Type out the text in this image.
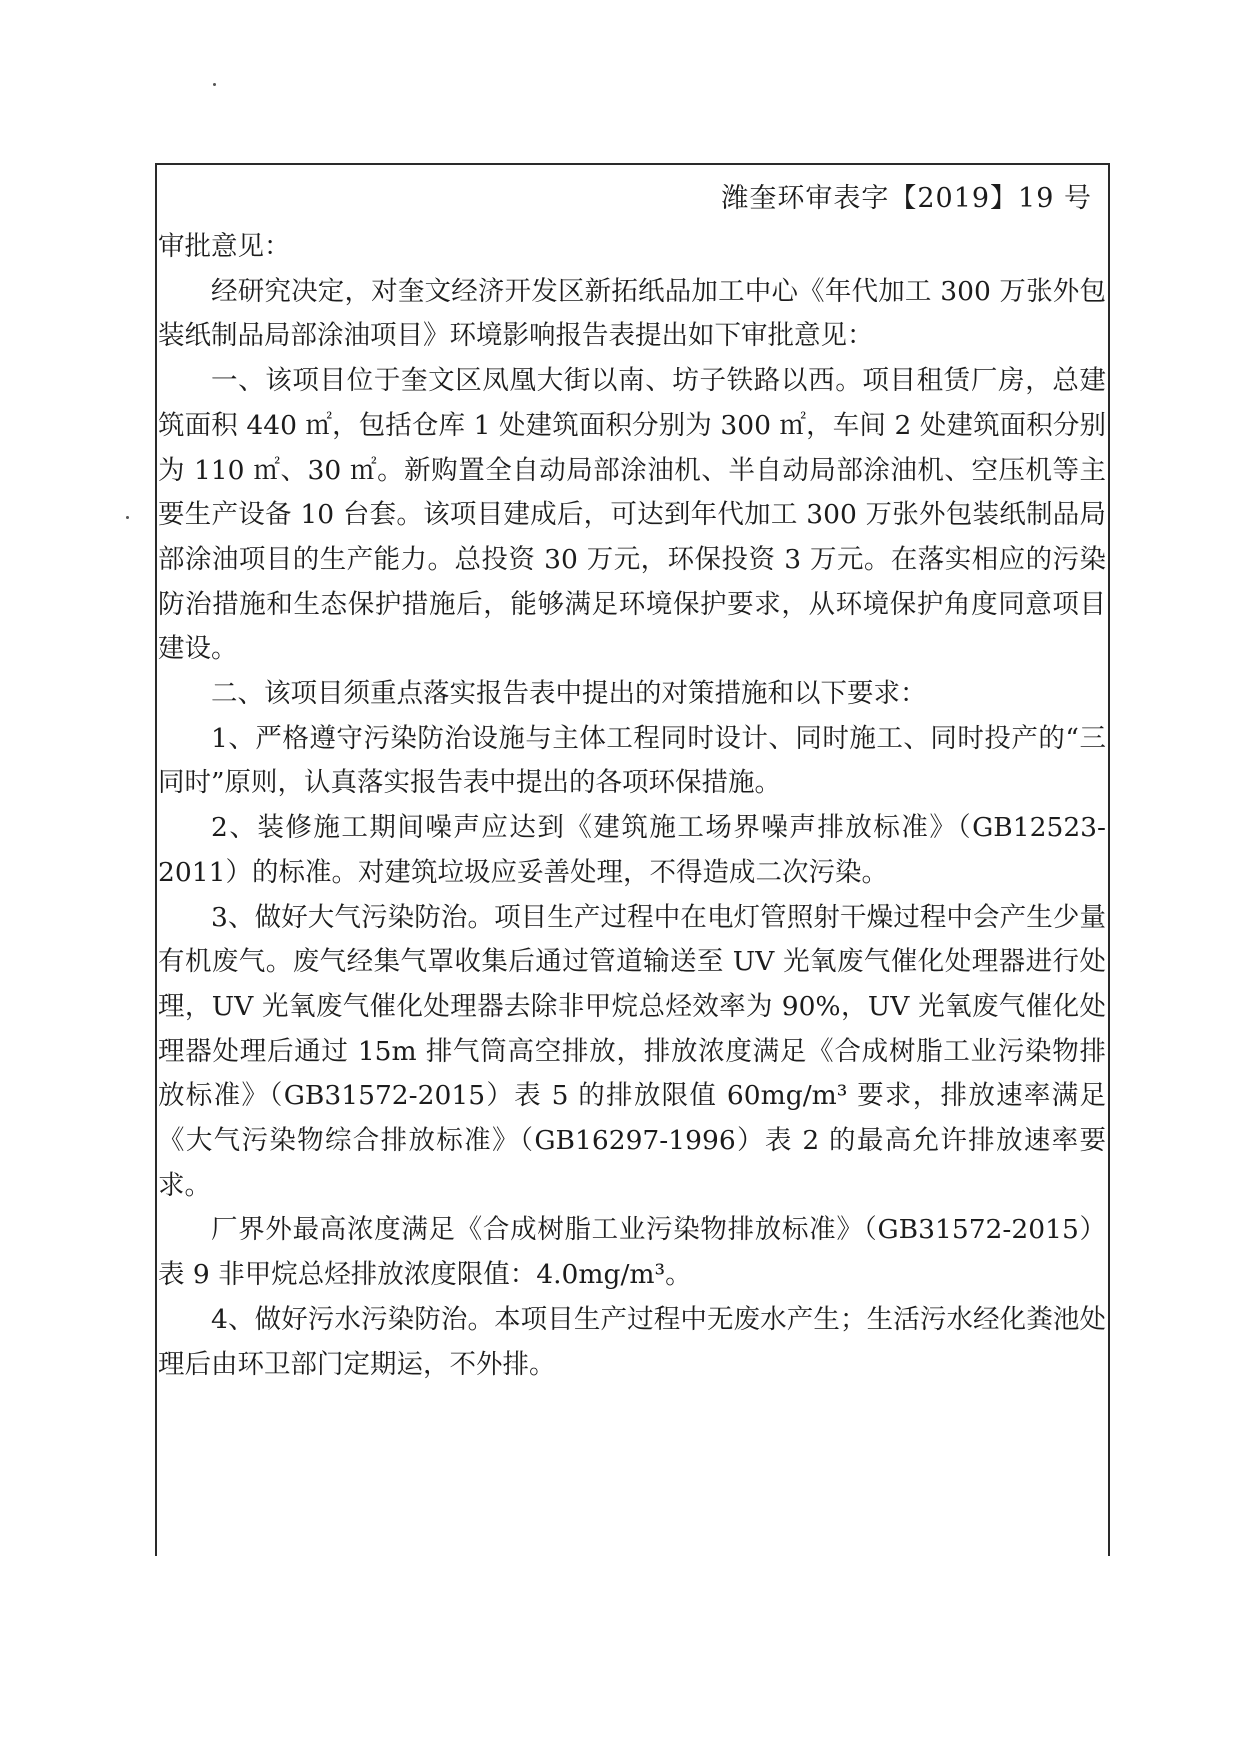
潍奎环审表字【2019】19 号

审批意见：

经研究决定，对奎文经济开发区新拓纸品加工中心《年代加工 300 万张外包装纸制品局部涂油项目》环境影响报告表提出如下审批意见：

一、该项目位于奎文区凤凰大街以南、坊子铁路以西。项目租赁厂房，总建筑面积 440 ㎡，包括仓库 1 处建筑面积分别为 300 ㎡，车间 2 处建筑面积分别为 110 ㎡、30 ㎡。新购置全自动局部涂油机、半自动局部涂油机、空压机等主要生产设备 10 台套。该项目建成后，可达到年代加工 300 万张外包装纸制品局部涂油项目的生产能力。总投资 30 万元，环保投资 3 万元。在落实相应的污染防治措施和生态保护措施后，能够满足环境保护要求，从环境保护角度同意项目建设。

二、该项目须重点落实报告表中提出的对策措施和以下要求：

1、严格遵守污染防治设施与主体工程同时设计、同时施工、同时投产的“三同时”原则，认真落实报告表中提出的各项环保措施。

2、装修施工期间噪声应达到《建筑施工场界噪声排放标准》（GB12523-2011）的标准。对建筑垃圾应妥善处理，不得造成二次污染。

3、做好大气污染防治。项目生产过程中在电灯管照射干燥过程中会产生少量有机废气。废气经集气罩收集后通过管道输送至 UV 光氧废气催化处理器进行处理，UV 光氧废气催化处理器去除非甲烷总烃效率为 90%，UV 光氧废气催化处理器处理后通过 15m 排气筒高空排放，排放浓度满足《合成树脂工业污染物排放标准》（GB31572-2015）表 5 的排放限值 60mg/m³ 要求，排放速率满足《大气污染物综合排放标准》（GB16297-1996）表 2 的最高允许排放速率要求。

厂界外最高浓度满足《合成树脂工业污染物排放标准》（GB31572-2015）表 9 非甲烷总烃排放浓度限值：4.0mg/m³。

4、做好污水污染防治。本项目生产过程中无废水产生；生活污水经化粪池处理后由环卫部门定期运，不外排。
